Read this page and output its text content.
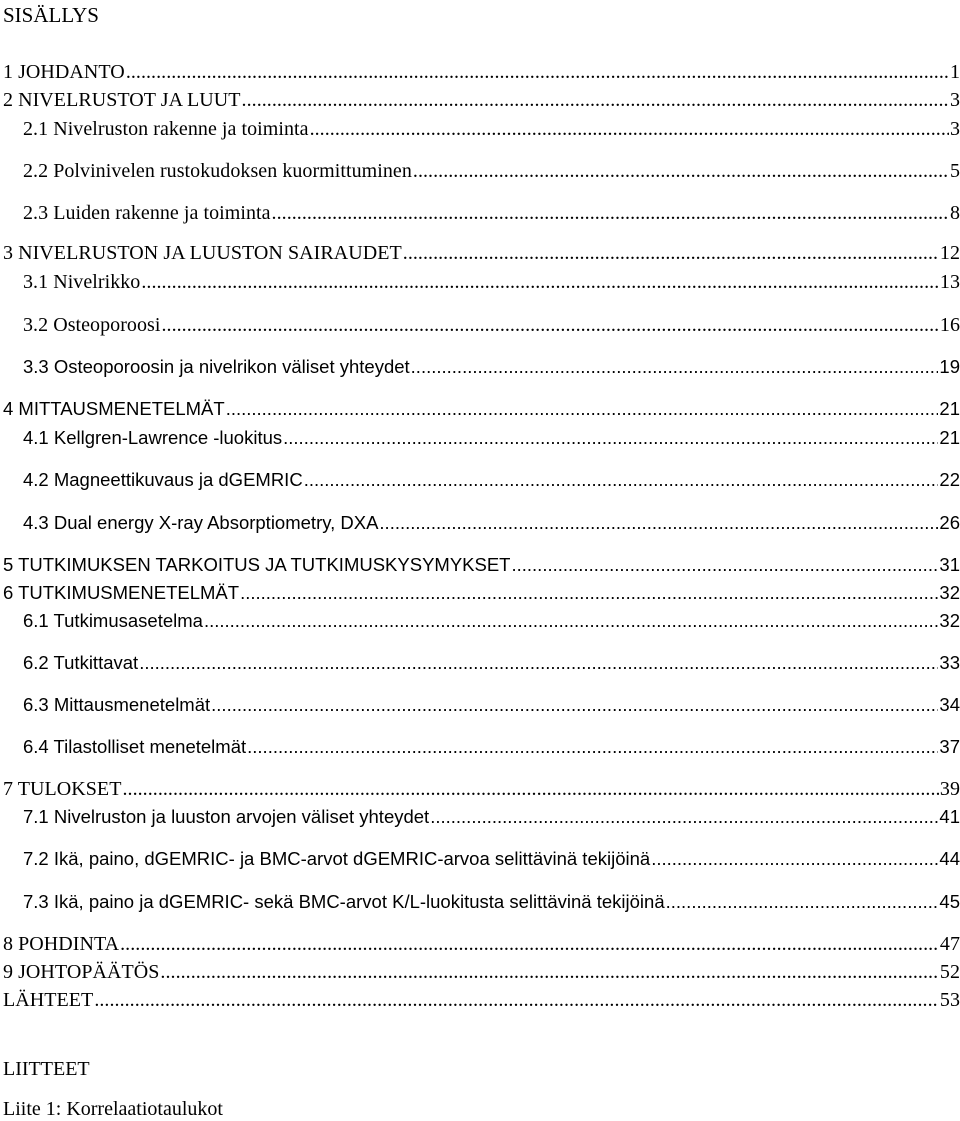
SISÄLLYS
1 JOHDANTO .....	1
2 NIVELRUSTOT JA LUUT .....	3
2.1 Nivelruston rakenne ja toiminta .....	3
2.2 Polvinivelen rustokudoksen kuormittuminen .....	5
2.3 Luiden rakenne ja toiminta .....	8
3 NIVELRUSTON JA LUUSTON SAIRAUDET .....	12
3.1 Nivelrikko .....	13
3.2 Osteoporoosi .....	16
3.3 Osteoporoosin ja nivelrikon väliset yhteydet .....	19
4 MITTAUSMENETELMÄT .....	21
4.1 Kellgren-Lawrence -luokitus .....	21
4.2 Magneettikuvaus ja dGEMRIC .....	22
4.3 Dual energy X-ray Absorptiometry, DXA .....	26
5 TUTKIMUKSEN TARKOITUS JA TUTKIMUSKYSYMYKSET .....	31
6 TUTKIMUSMENETELMÄT .....	32
6.1 Tutkimusasetelma .....	32
6.2 Tutkittavat .....	33
6.3 Mittausmenetelmät .....	34
6.4 Tilastolliset menetelmät .....	37
7 TULOKSET .....	39
7.1 Nivelruston ja luuston arvojen väliset yhteydet .....	41
7.2 Ikä, paino, dGEMRIC- ja BMC-arvot dGEMRIC-arvoa selittävinä tekijöinä .....	44
7.3 Ikä, paino ja dGEMRIC- sekä BMC-arvot K/L-luokitusta selittävinä tekijöinä .....	45
8 POHDINTA .....	47
9 JOHTOPÄÄTÖS .....	52
LÄHTEET .....	53
LIITTEET
Liite 1: Korrelaatiotaulukot
